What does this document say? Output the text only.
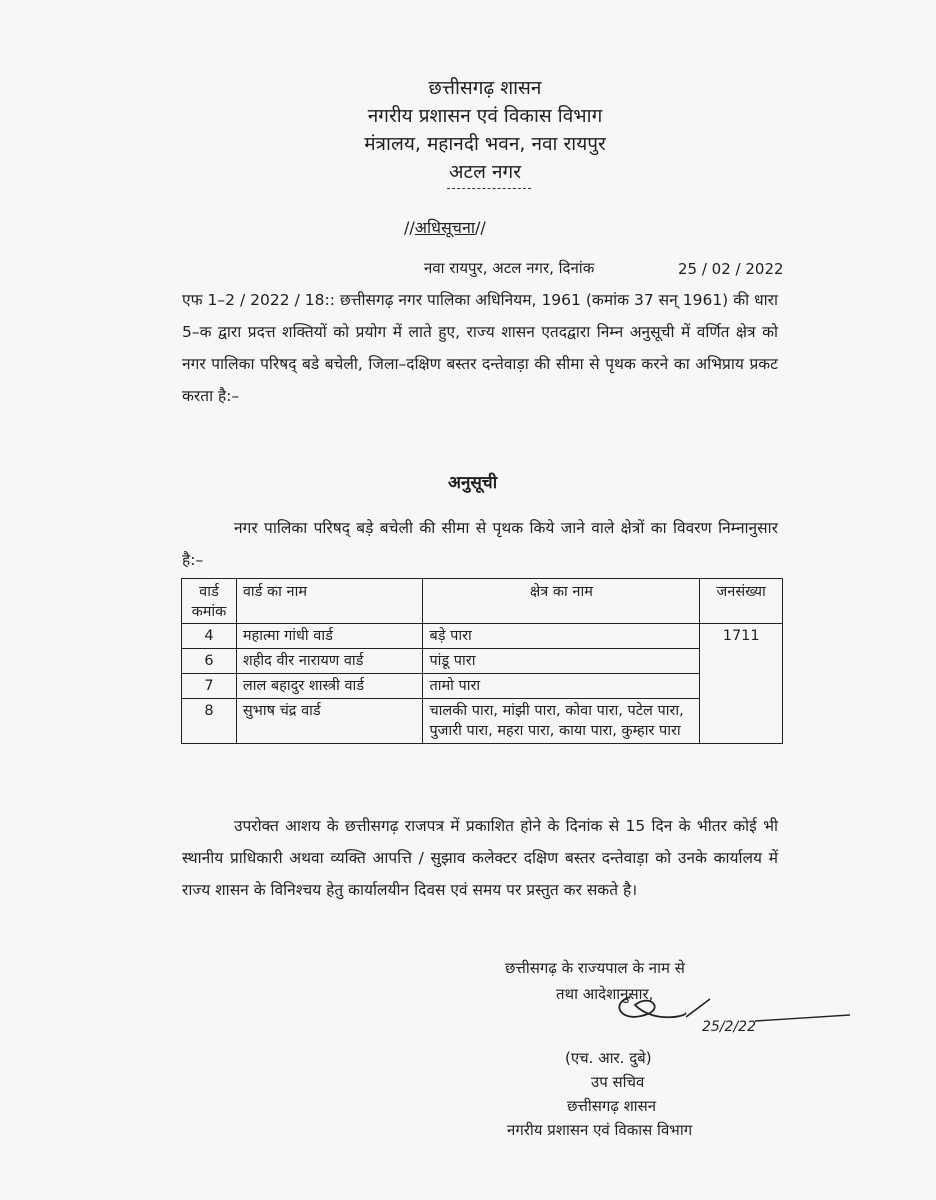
छत्तीसगढ़ शासन
नगरीय प्रशासन एवं विकास विभाग
मंत्रालय, महानदी भवन, नवा रायपुर
अटल नगर
//अधिसूचना//
नवा रायपुर, अटल नगर, दिनांक	25 / 02 / 2022

एफ 1–2 / 2022 / 18:: छत्तीसगढ़ नगर पालिका अधिनियम, 1961 (कमांक 37 सन् 1961) की धारा 5–क द्वारा प्रदत्त शक्तियों को प्रयोग में लाते हुए, राज्य शासन एतदद्वारा निम्न अनुसूची में वर्णित क्षेत्र को नगर पालिका परिषद् बडे बचेली, जिला–दक्षिण बस्तर दन्तेवाड़ा की सीमा से पृथक करने का अभिप्राय प्रकट करता है:–

अनुसूची

नगर पालिका परिषद् बड़े बचेली की सीमा से पृथक किये जाने वाले क्षेत्रों का विवरण निम्नानुसार है:–

वार्ड कमांक	वार्ड का नाम	क्षेत्र का नाम	जनसंख्या
4	महात्मा गांधी वार्ड	बड़े पारा	1711
6	शहीद वीर नारायण वार्ड	पांडू पारा	
7	लाल बहादुर शास्त्री वार्ड	तामो पारा	
8	सुभाष चंद्र वार्ड	चालकी पारा, मांझी पारा, कोवा पारा, पटेल पारा, पुजारी पारा, महरा पारा, काया पारा, कुम्हार पारा	

उपरोक्त आशय के छत्तीसगढ़ राजपत्र में प्रकाशित होने के दिनांक से 15 दिन के भीतर कोई भी स्थानीय प्राधिकारी अथवा व्यक्ति आपत्ति / सुझाव कलेक्टर दक्षिण बस्तर दन्तेवाड़ा को उनके कार्यालय में राज्य शासन के विनिश्चय हेतु कार्यालयीन दिवस एवं समय पर प्रस्तुत कर सकते है।

छत्तीसगढ़ के राज्यपाल के नाम से
तथा आदेशानुसार,
25/2/22
(एच. आर. दुबे)
उप सचिव
छत्तीसगढ़ शासन
नगरीय प्रशासन एवं विकास विभाग
